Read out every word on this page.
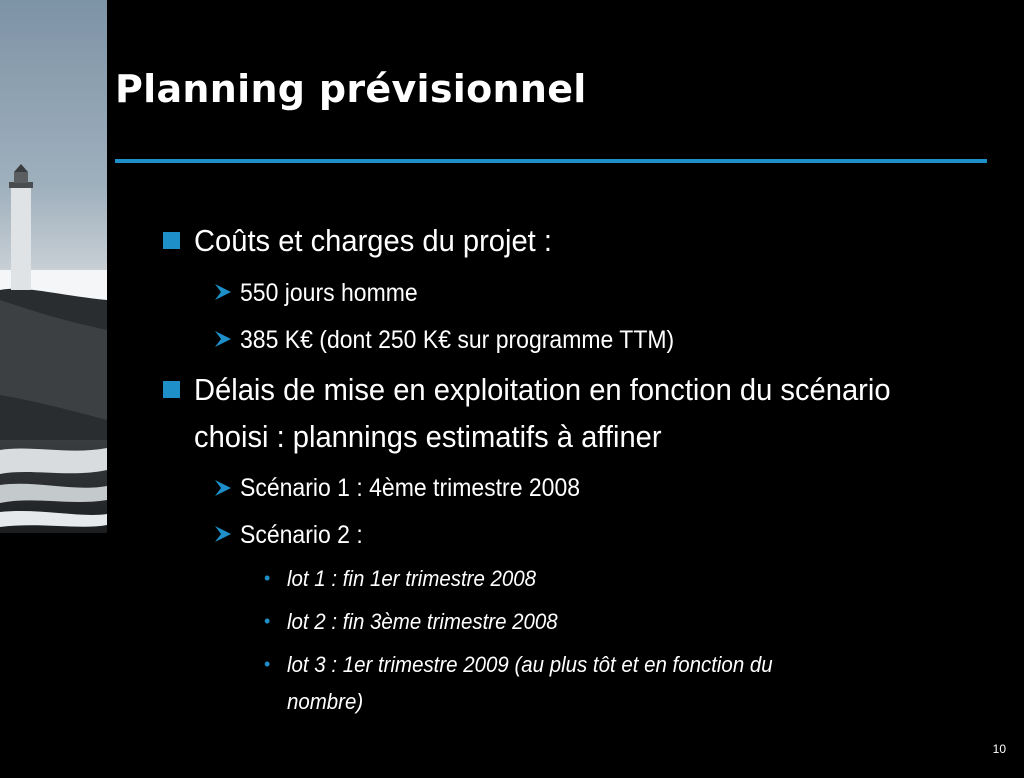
Planning prévisionnel
Coûts et charges du projet :
550 jours homme
385 K€ (dont 250 K€ sur programme TTM)
Délais de mise en exploitation en fonction du scénario
choisi : plannings estimatifs à affiner
Scénario 1 : 4ème trimestre 2008
Scénario 2 :
• lot 1 : fin 1er trimestre 2008
• lot 2 : fin 3ème trimestre 2008
• lot 3 : 1er trimestre 2009 (au plus tôt et en fonction du
nombre)
10
